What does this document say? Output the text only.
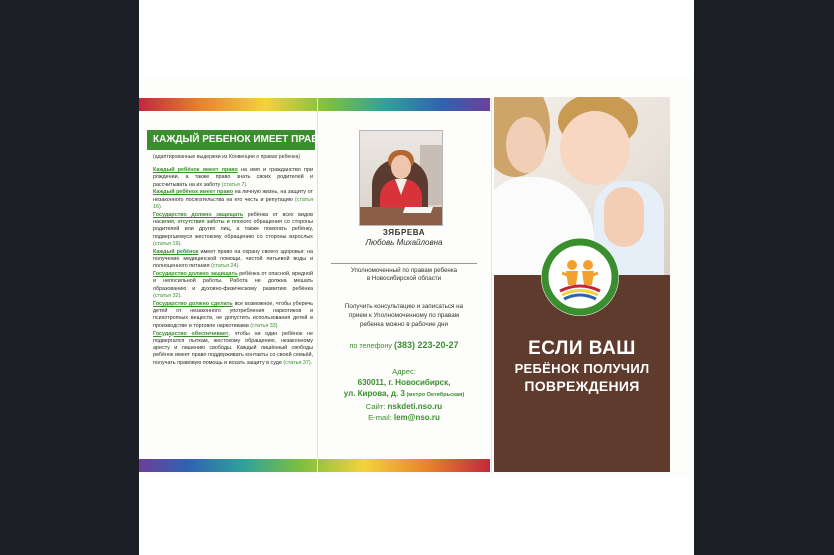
КАЖДЫЙ РЕБЕНОК ИМЕЕТ ПРАВО
(адаптированные выдержки из Конвенции о правах ребенка)
Каждый ребёнок имеет право на имя и гражданство при рождении, а также право знать своих родителей и рассчитывать на их заботу (статья 7).
Каждый ребёнок имеет право на личную жизнь, на защиту от незаконного посягательства на его честь и репутацию (статья 16).
Государство должно защищать ребёнка от всех видов насилия, отсутствия заботы и плохого обращения со стороны родителей или других лиц, а также помогать ребёнку, подвергшемуся жестокому обращению со стороны взрослых (статья 19).
Каждый ребёнок имеет право на охрану своего здоровья: на получение медицинской помощи, чистой питьевой воды и полноценного питания (статья 24).
Государство должно защищать ребёнка от опасной, вредной и непосильной работы. Работа не должна мешать образованию и духовно-физическому развитию ребёнка (статья 32).
Государство должно сделать все возможное, чтобы уберечь детей от незаконного употребления наркотиков и психотропных веществ, не допустить использования детей в производстве и торговле наркотиками (статья 33).
Государство обеспечивает, чтобы ни один ребёнок не подвергался пыткам, жестокому обращению, незаконному аресту и лишению свободы. Каждый лишённый свободы ребёнок имеет право поддерживать контакты со своей семьёй, получать правовую помощь и искать защиту в суде (статья 37).
ЗЯБРЕВА
Любовь Михайловна
Уполномоченный по правам ребенка
в Новосибирской области
Получить консультацию и записаться на
прием к Уполномоченному по правам
ребенка можно в рабочие дни
по телефону (383) 223-20-27
Адрес:
630011, г. Новосибирск,
ул. Кирова, д. 3 (метро Октябрьская)
Сайт: nskdeti.nso.ru
E-mail: lem@nso.ru
ЕСЛИ ВАШ
РЕБЁНОК ПОЛУЧИЛ
ПОВРЕЖДЕНИЯ
